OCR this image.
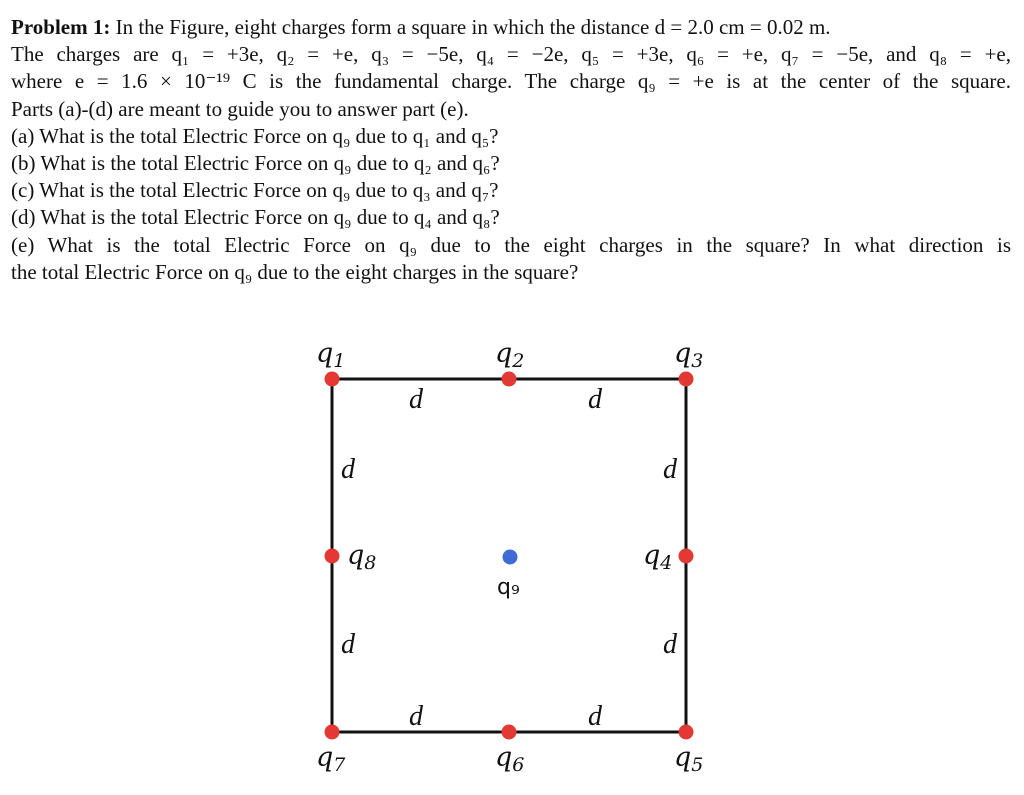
Problem 1: In the Figure, eight charges form a square in which the distance d = 2.0 cm = 0.02 m.
The charges are q₁ = +3e, q₂ = +e, q₃ = −5e, q₄ = −2e, q₅ = +3e, q₆ = +e, q₇ = −5e, and q₈ = +e,
where e = 1.6 × 10⁻¹⁹ C is the fundamental charge. The charge q₉ = +e is at the center of the square.
Parts (a)-(d) are meant to guide you to answer part (e).
(a) What is the total Electric Force on q₉ due to q₁ and q₅?
(b) What is the total Electric Force on q₉ due to q₂ and q₆?
(c) What is the total Electric Force on q₉ due to q₃ and q₇?
(d) What is the total Electric Force on q₉ due to q₄ and q₈?
(e) What is the total Electric Force on q₉ due to the eight charges in the square? In what direction is
the total Electric Force on q₉ due to the eight charges in the square?
q1	q2	q3
q4
q5
q6
q7
q8
q₉
d	d
d
d
d
d
d	d
